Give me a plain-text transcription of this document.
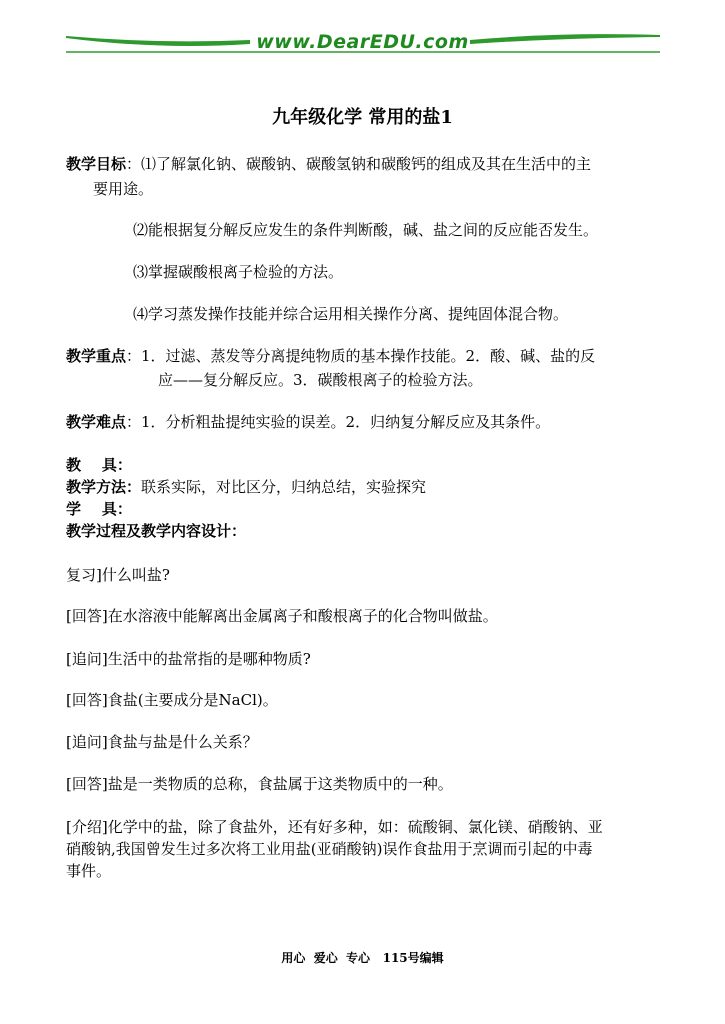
www.DearEDU.com
九年级化学 常用的盐1
教学目标：⑴了解氯化钠、碳酸钠、碳酸氢钠和碳酸钙的组成及其在生活中的主
要用途。
⑵能根据复分解反应发生的条件判断酸，碱、盐之间的反应能否发生。
⑶掌握碳酸根离子检验的方法。
⑷学习蒸发操作技能并综合运用相关操作分离、提纯固体混合物。
教学重点：1．过滤、蒸发等分离提纯物质的基本操作技能。2．酸、碱、盐的反
应——复分解反应。3．碳酸根离子的检验方法。
教学难点：1．分析粗盐提纯实验的误差。2．归纳复分解反应及其条件。
教    具：
教学方法：联系实际，对比区分，归纳总结，实验探究
学    具：
教学过程及教学内容设计：
复习]什么叫盐?
[回答]在水溶液中能解离出金属离子和酸根离子的化合物叫做盐。
[追问]生活中的盐常指的是哪种物质?
[回答]食盐(主要成分是NaCl)。
[追问]食盐与盐是什么关系？
[回答]盐是一类物质的总称，食盐属于这类物质中的一种。
[介绍]化学中的盐，除了食盐外，还有好多种，如：硫酸铜、氯化镁、硝酸钠、亚
硝酸钠,我国曾发生过多次将工业用盐(亚硝酸钠)误作食盐用于烹调而引起的中毒
事件。
用心  爱心  专心   115号编辑
